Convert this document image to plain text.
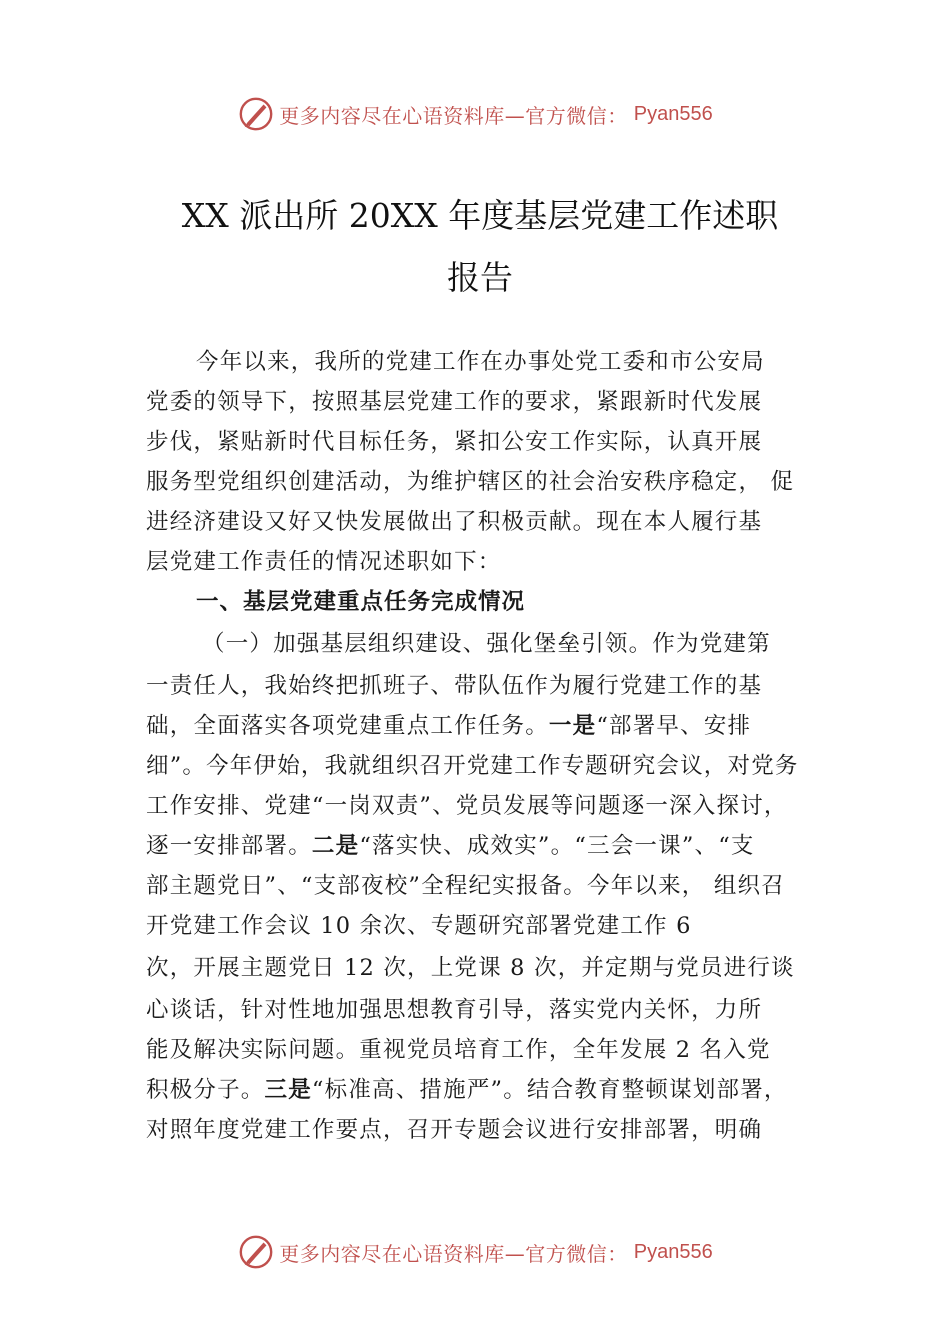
更多内容尽在心语资料库—官方微信： Pyan556
XX 派出所 20XX 年度基层党建工作述职
报告
今年以来，我所的党建工作在办事处党工委和市公安局
党委的领导下，按照基层党建工作的要求，紧跟新时代发展
步伐，紧贴新时代目标任务，紧扣公安工作实际，认真开展
服务型党组织创建活动，为维护辖区的社会治安秩序稳定， 促
进经济建设又好又快发展做出了积极贡献。现在本人履行基
层党建工作责任的情况述职如下：
一、基层党建重点任务完成情况
（一）加强基层组织建设、强化堡垒引领。作为党建第
一责任人，我始终把抓班子、带队伍作为履行党建工作的基
础，全面落实各项党建重点工作任务。一是“部署早、安排
细”。今年伊始，我就组织召开党建工作专题研究会议，对党务
工作安排、党建“一岗双责”、党员发展等问题逐一深入探讨，
逐一安排部署。二是“落实快、成效实”。“三会一课”、“支
部主题党日”、“支部夜校”全程纪实报备。今年以来， 组织召
开党建工作会议 10 余次、专题研究部署党建工作 6
次，开展主题党日 12 次，上党课 8 次，并定期与党员进行谈
心谈话，针对性地加强思想教育引导，落实党内关怀，力所
能及解决实际问题。重视党员培育工作，全年发展 2 名入党
积极分子。三是“标准高、措施严”。结合教育整顿谋划部署，
对照年度党建工作要点，召开专题会议进行安排部署，明确
更多内容尽在心语资料库—官方微信： Pyan556
